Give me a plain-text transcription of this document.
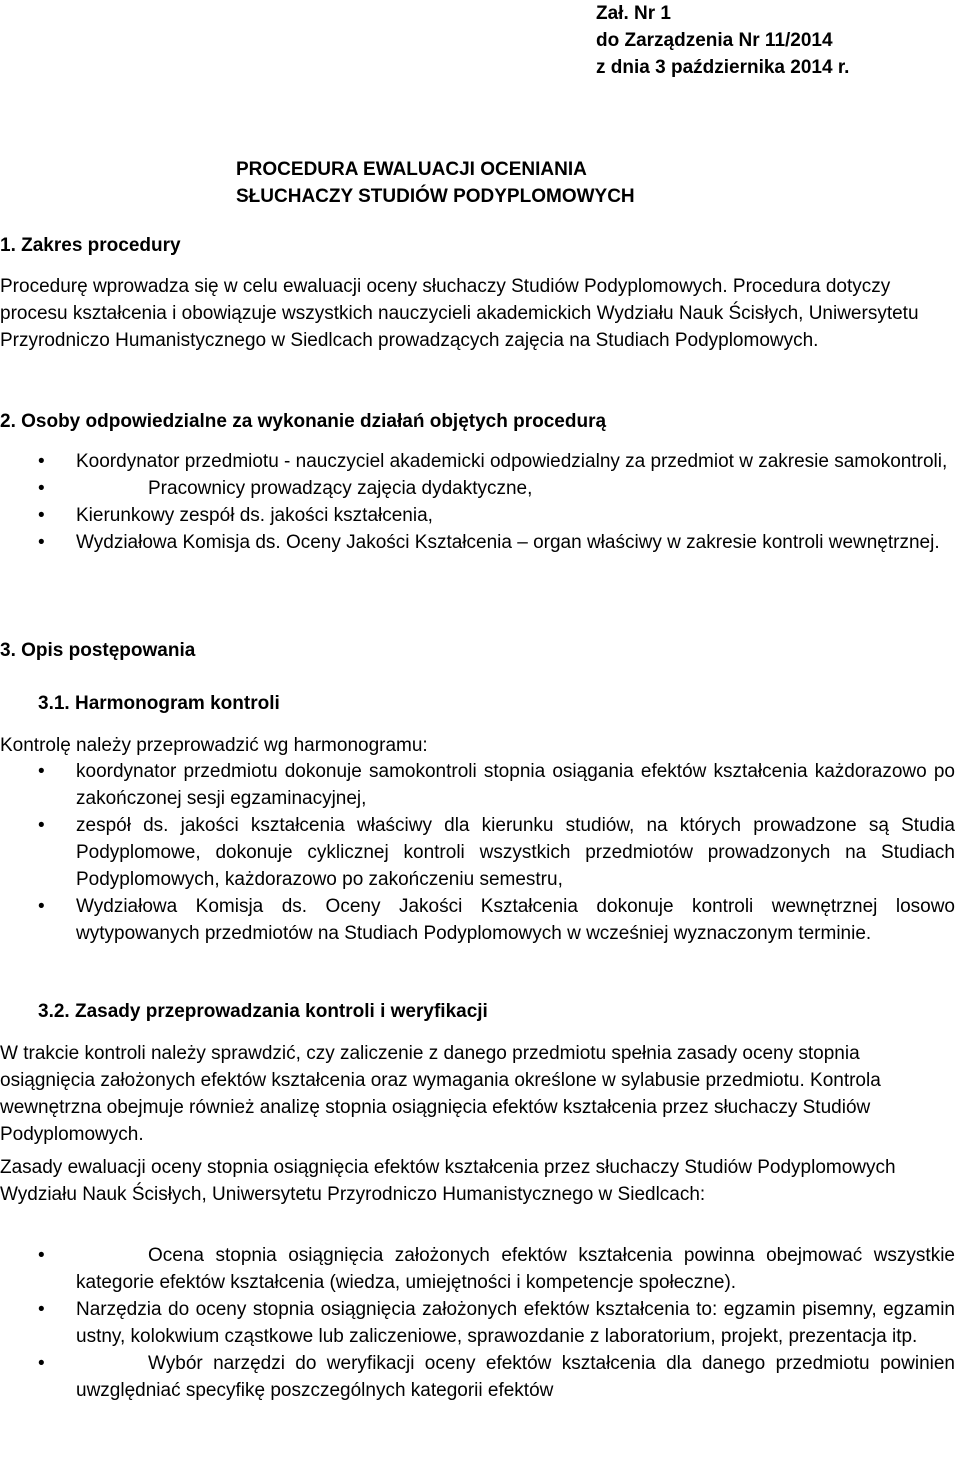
Zał. Nr 1
do Zarządzenia Nr 11/2014
z dnia 3 października 2014 r.
PROCEDURA EWALUACJI OCENIANIA
SŁUCHACZY STUDIÓW PODYPLOMOWYCH
1. Zakres procedury
Procedurę wprowadza się w celu ewaluacji oceny słuchaczy Studiów Podyplomowych. Procedura dotyczy procesu kształcenia i obowiązuje wszystkich nauczycieli akademickich Wydziału Nauk Ścisłych, Uniwersytetu Przyrodniczo Humanistycznego w Siedlcach prowadzących zajęcia na Studiach Podyplomowych.
2. Osoby odpowiedzialne za wykonanie działań objętych procedurą
• Koordynator przedmiotu - nauczyciel akademicki odpowiedzialny za przedmiot w zakresie samokontroli,
•	Pracownicy prowadzący zajęcia dydaktyczne,
• Kierunkowy zespół ds. jakości kształcenia,
• Wydziałowa Komisja ds. Oceny Jakości Kształcenia – organ właściwy w zakresie kontroli wewnętrznej.
3. Opis postępowania
3.1. Harmonogram kontroli
Kontrolę należy przeprowadzić wg harmonogramu:
• koordynator przedmiotu dokonuje samokontroli stopnia osiągania efektów kształcenia każdorazowo po zakończonej sesji egzaminacyjnej,
• zespół ds. jakości kształcenia właściwy dla kierunku studiów, na których prowadzone są Studia Podyplomowe, dokonuje cyklicznej kontroli wszystkich przedmiotów prowadzonych na Studiach Podyplomowych, każdorazowo po zakończeniu semestru,
• Wydziałowa Komisja ds. Oceny Jakości Kształcenia dokonuje kontroli wewnętrznej losowo wytypowanych przedmiotów na Studiach Podyplomowych w wcześniej wyznaczonym terminie.
3.2. Zasady przeprowadzania kontroli i weryfikacji
W trakcie kontroli należy sprawdzić, czy zaliczenie z danego przedmiotu spełnia zasady oceny stopnia osiągnięcia założonych efektów kształcenia oraz wymagania określone w sylabusie przedmiotu. Kontrola wewnętrzna obejmuje również analizę stopnia osiągnięcia efektów kształcenia przez słuchaczy Studiów Podyplomowych.
Zasady ewaluacji oceny stopnia osiągnięcia efektów kształcenia przez słuchaczy Studiów Podyplomowych Wydziału Nauk Ścisłych, Uniwersytetu Przyrodniczo Humanistycznego w Siedlcach:
•	Ocena stopnia osiągnięcia założonych efektów kształcenia powinna obejmować wszystkie kategorie efektów kształcenia (wiedza, umiejętności i kompetencje społeczne).
• Narzędzia do oceny stopnia osiągnięcia założonych efektów kształcenia to: egzamin pisemny, egzamin ustny, kolokwium cząstkowe lub zaliczeniowe, sprawozdanie z laboratorium, projekt, prezentacja itp.
•	Wybór narzędzi do weryfikacji oceny efektów kształcenia dla danego przedmiotu powinien uwzględniać specyfikę poszczególnych kategorii efektów
